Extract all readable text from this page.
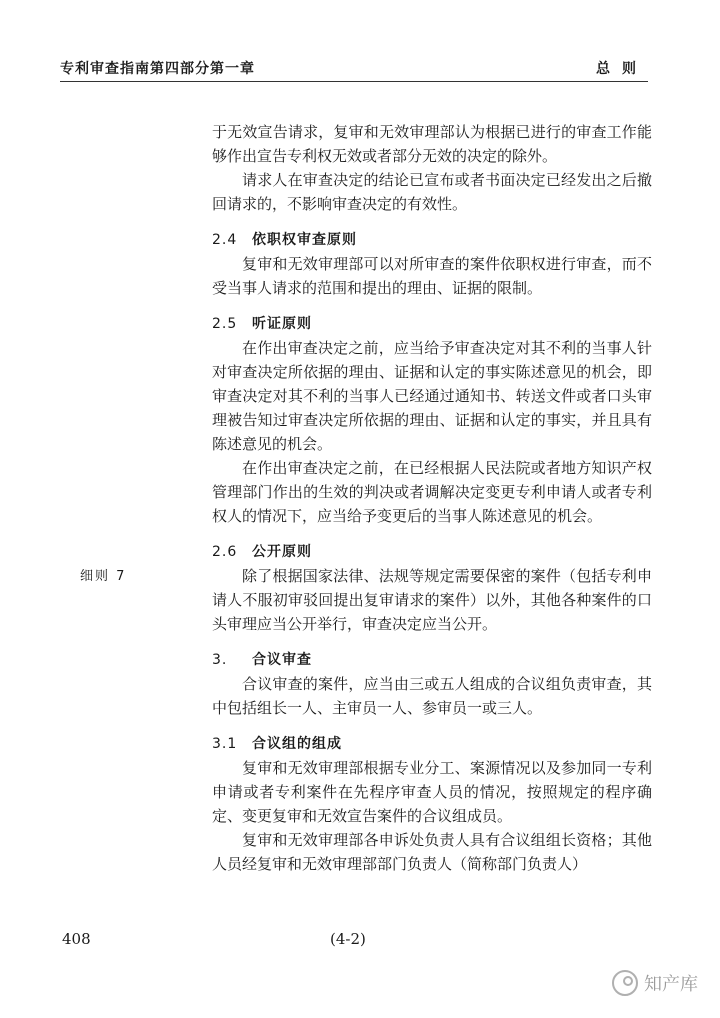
专利审查指南第四部分第一章	总则
细则 7

于无效宣告请求，复审和无效审理部认为根据已进行的审查工作能够作出宣告专利权无效或者部分无效的决定的除外。

请求人在审查决定的结论已宣布或者书面决定已经发出之后撤回请求的，不影响审查决定的有效性。

2.4 依职权审查原则

复审和无效审理部可以对所审查的案件依职权进行审查，而不受当事人请求的范围和提出的理由、证据的限制。

2.5 听证原则

在作出审查决定之前，应当给予审查决定对其不利的当事人针对审查决定所依据的理由、证据和认定的事实陈述意见的机会，即审查决定对其不利的当事人已经通过通知书、转送文件或者口头审理被告知过审查决定所依据的理由、证据和认定的事实，并且具有陈述意见的机会。

在作出审查决定之前，在已经根据人民法院或者地方知识产权管理部门作出的生效的判决或者调解决定变更专利申请人或者专利权人的情况下，应当给予变更后的当事人陈述意见的机会。

2.6 公开原则

除了根据国家法律、法规等规定需要保密的案件（包括专利申请人不服初审驳回提出复审请求的案件）以外，其他各种案件的口头审理应当公开举行，审查决定应当公开。

3. 合议审查

合议审查的案件，应当由三或五人组成的合议组负责审查，其中包括组长一人、主审员一人、参审员一或三人。

3.1 合议组的组成

复审和无效审理部根据专业分工、案源情况以及参加同一专利申请或者专利案件在先程序审查人员的情况，按照规定的程序确定、变更复审和无效宣告案件的合议组成员。

复审和无效审理部各申诉处负责人具有合议组组长资格；其他人员经复审和无效审理部部门负责人（简称部门负责人）

408	(4-2)
知产库
